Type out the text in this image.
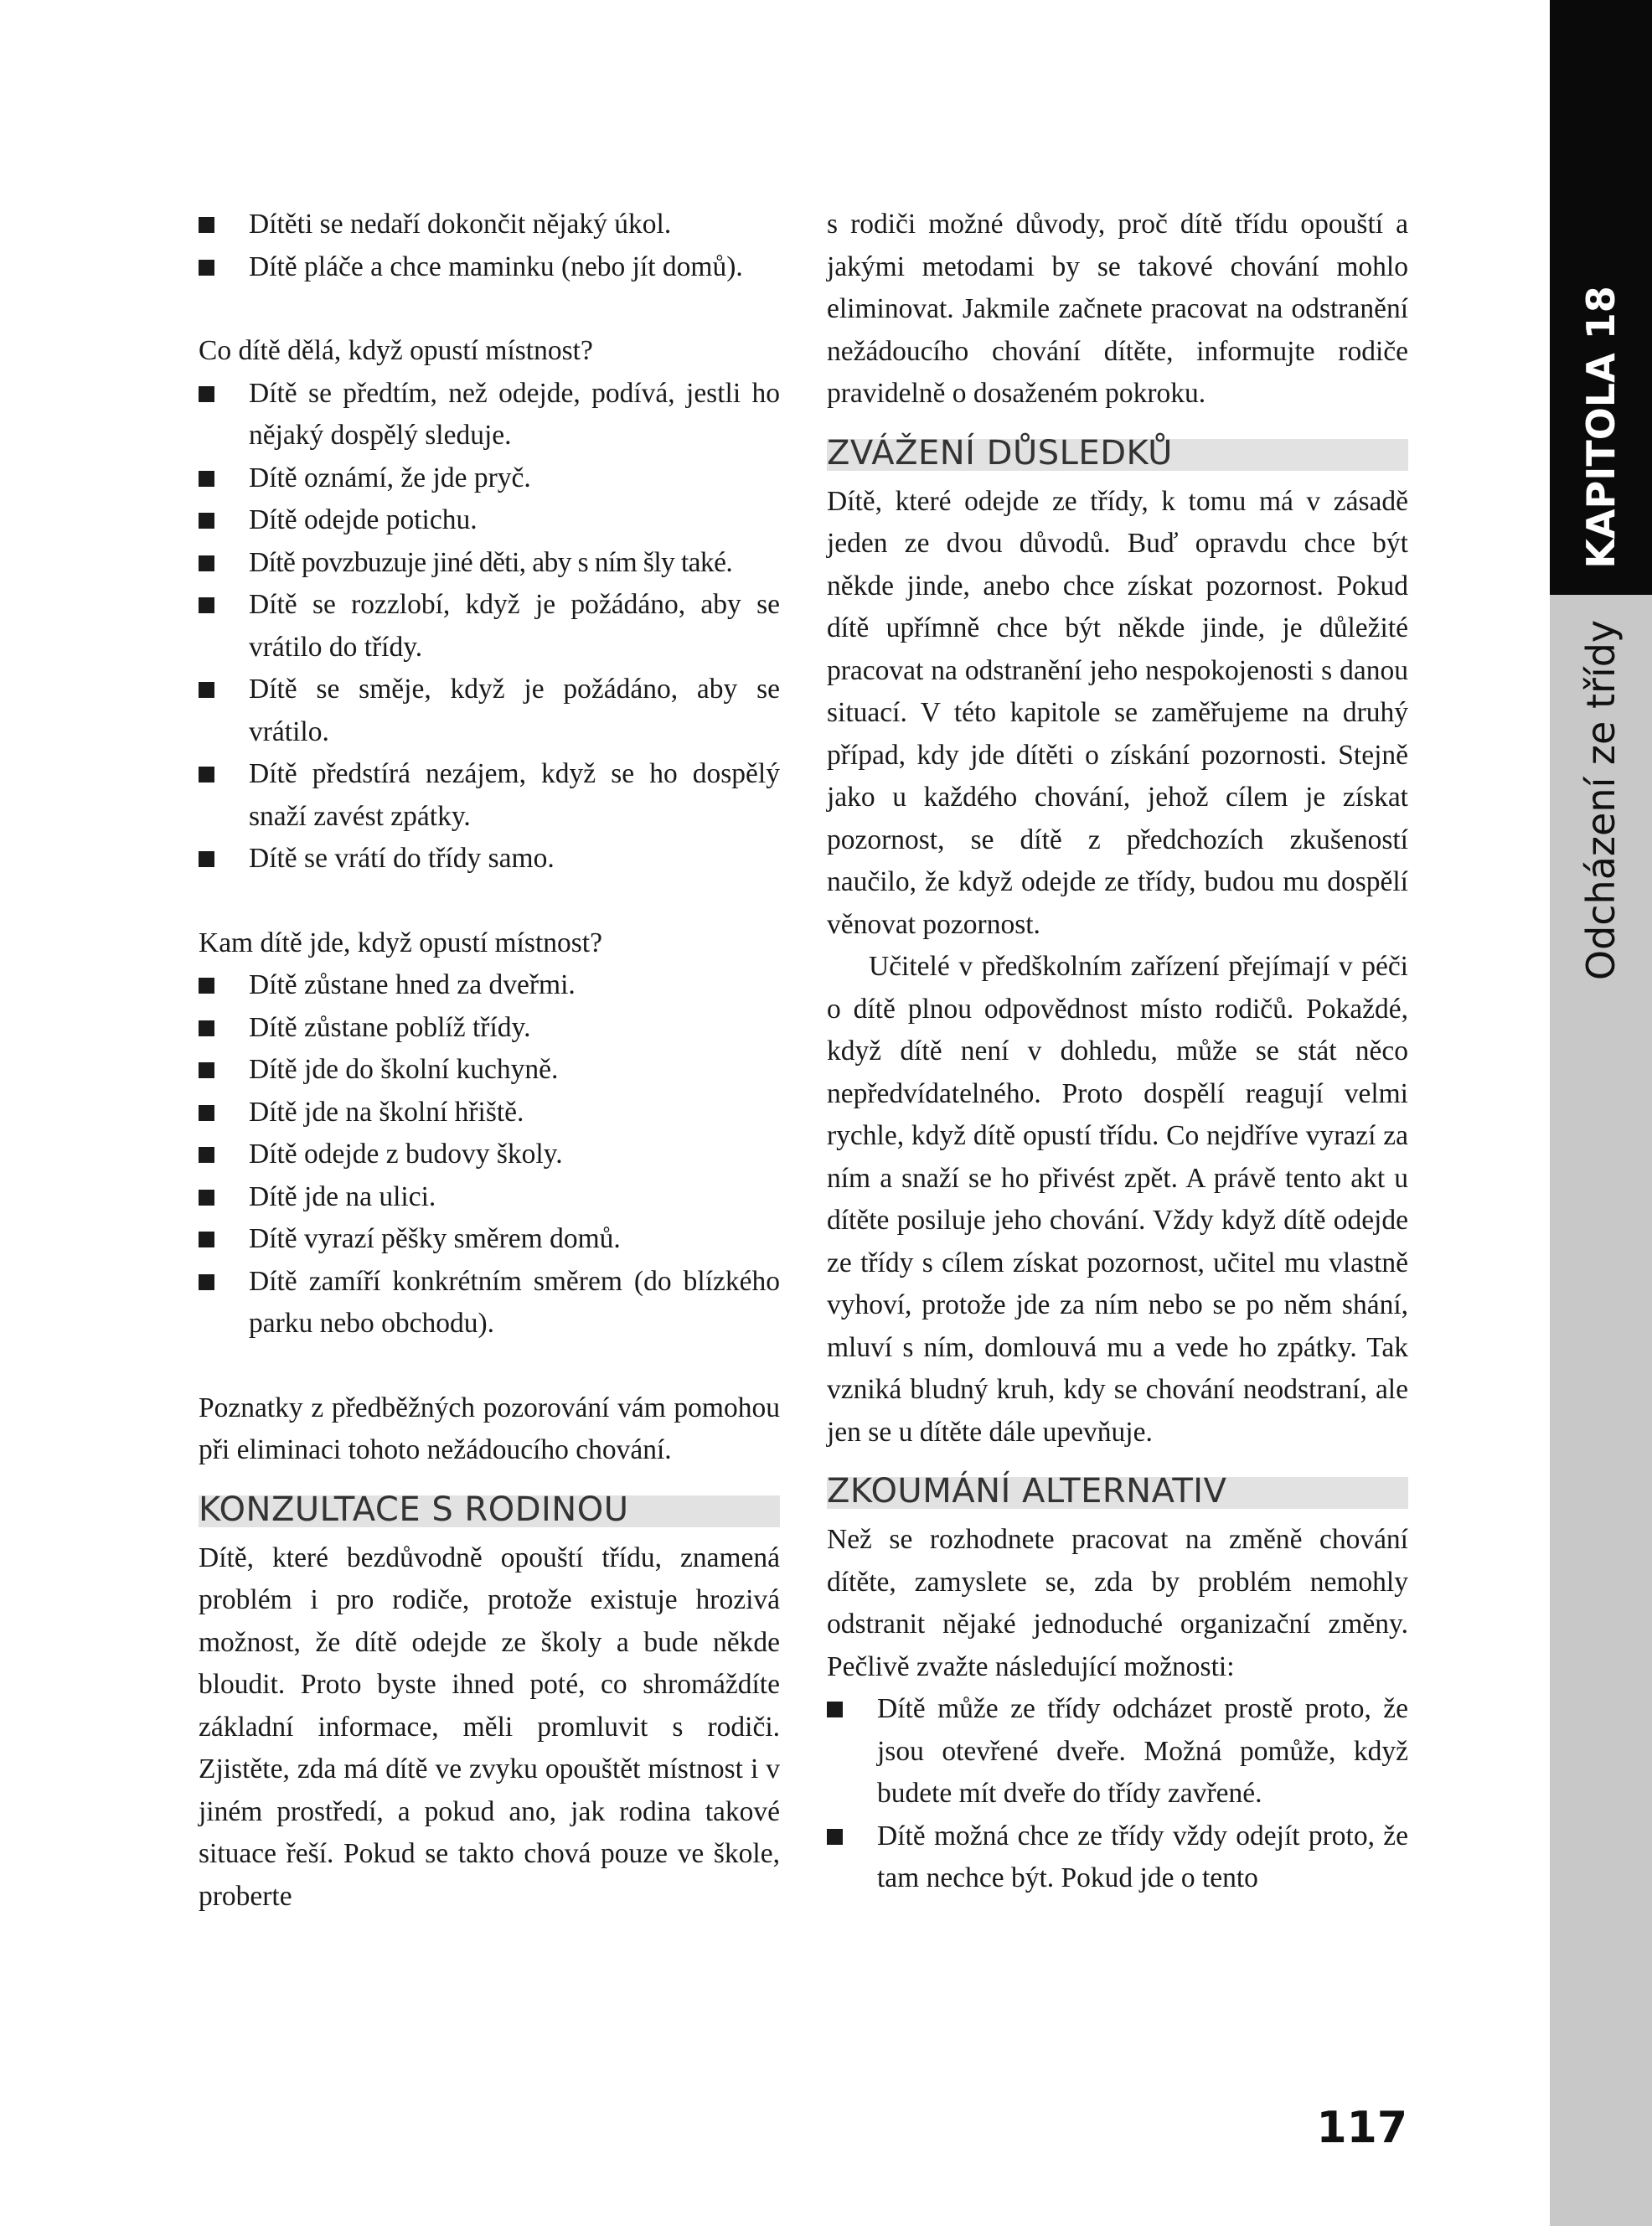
Dítěti se nedaří dokončit nějaký úkol.
Dítě pláče a chce maminku (nebo jít domů).

Co dítě dělá, když opustí místnost?

Dítě se předtím, než odejde, podívá, jestli ho nějaký dospělý sleduje.
Dítě oznámí, že jde pryč.
Dítě odejde potichu.
Dítě povzbuzuje jiné děti, aby s ním šly také.
Dítě se rozzlobí, když je požádáno, aby se vrátilo do třídy.
Dítě se směje, když je požádáno, aby se vrátilo.
Dítě předstírá nezájem, když se ho dospělý snaží zavést zpátky.
Dítě se vrátí do třídy samo.

Kam dítě jde, když opustí místnost?

Dítě zůstane hned za dveřmi.
Dítě zůstane poblíž třídy.
Dítě jde do školní kuchyně.
Dítě jde na školní hřiště.
Dítě odejde z budovy školy.
Dítě jde na ulici.
Dítě vyrazí pěšky směrem domů.
Dítě zamíří konkrétním směrem (do blízkého parku nebo obchodu).

Poznatky z předběžných pozorování vám pomohou při eliminaci tohoto nežádoucího chování.

KONZULTACE S RODINOU

Dítě, které bezdůvodně opouští třídu, znamená problém i pro rodiče, protože existuje hrozivá možnost, že dítě odejde ze školy a bude někde bloudit. Proto byste ihned poté, co shromáždíte základní informace, měli promluvit s rodiči. Zjistěte, zda má dítě ve zvyku opouštět místnost i v jiném prostředí, a pokud ano, jak rodina takové situace řeší. Pokud se takto chová pouze ve škole, proberte

s rodiči možné důvody, proč dítě třídu opouští a jakými metodami by se takové chování mohlo eliminovat. Jakmile začnete pracovat na odstranění nežádoucího chování dítěte, informujte rodiče pravidelně o dosaženém pokroku.

ZVÁŽENÍ DŮSLEDKŮ

Dítě, které odejde ze třídy, k tomu má v zásadě jeden ze dvou důvodů. Buď opravdu chce být někde jinde, anebo chce získat pozornost. Pokud dítě upřímně chce být někde jinde, je důležité pracovat na odstranění jeho nespokojenosti s danou situací. V této kapitole se zaměřujeme na druhý případ, kdy jde dítěti o získání pozornosti. Stejně jako u každého chování, jehož cílem je získat pozornost, se dítě z předchozích zkušeností naučilo, že když odejde ze třídy, budou mu dospělí věnovat pozornost.

Učitelé v předškolním zařízení přejímají v péči o dítě plnou odpovědnost místo rodičů. Pokaždé, když dítě není v dohledu, může se stát něco nepředvídatelného. Proto dospělí reagují velmi rychle, když dítě opustí třídu. Co nejdříve vyrazí za ním a snaží se ho přivést zpět. A právě tento akt u dítěte posiluje jeho chování. Vždy když dítě odejde ze třídy s cílem získat pozornost, učitel mu vlastně vyhoví, protože jde za ním nebo se po něm shání, mluví s ním, domlouvá mu a vede ho zpátky. Tak vzniká bludný kruh, kdy se chování neodstraní, ale jen se u dítěte dále upevňuje.

ZKOUMÁNÍ ALTERNATIV

Než se rozhodnete pracovat na změně chování dítěte, zamyslete se, zda by problém nemohly odstranit nějaké jednoduché organizační změny. Pečlivě zvažte následující možnosti:

Dítě může ze třídy odcházet prostě proto, že jsou otevřené dveře. Možná pomůže, když budete mít dveře do třídy zavřené.
Dítě možná chce ze třídy vždy odejít proto, že tam nechce být. Pokud jde o tento
KAPITOLA 18
Odcházení ze třídy
117
